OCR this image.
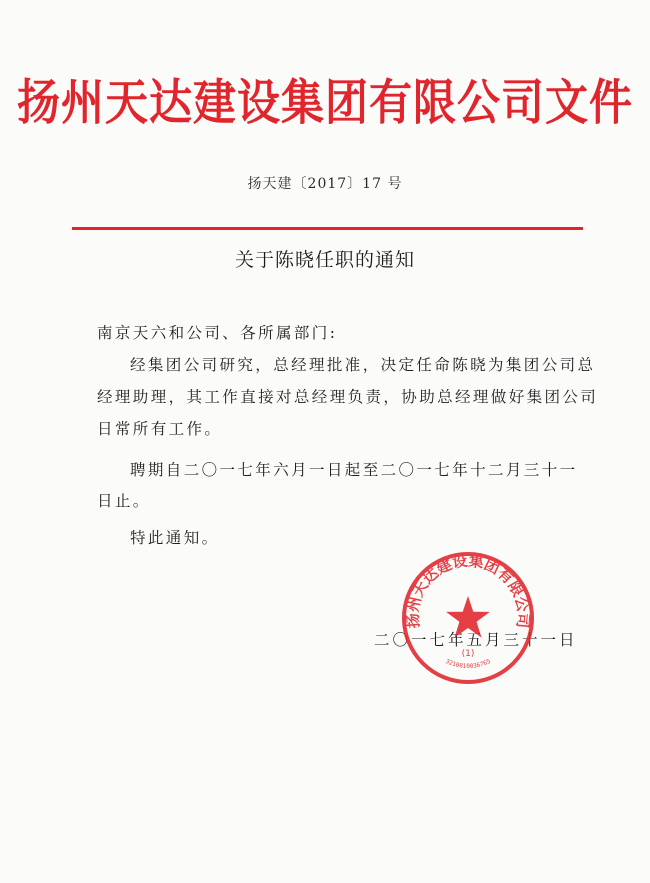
扬州天达建设集团有限公司文件
扬天建〔2017〕17 号
关于陈晓任职的通知
南京天六和公司、各所属部门:
经集团公司研究，总经理批准，决定任命陈晓为集团公司总
经理助理，其工作直接对总经理负责，协助总经理做好集团公司
日常所有工作。
聘期自二〇一七年六月一日起至二〇一七年十二月三十一
日止。
特此通知。
二〇一七年五月三十一日
扬州天达建设集团有限公司
(1)
3210810036765
